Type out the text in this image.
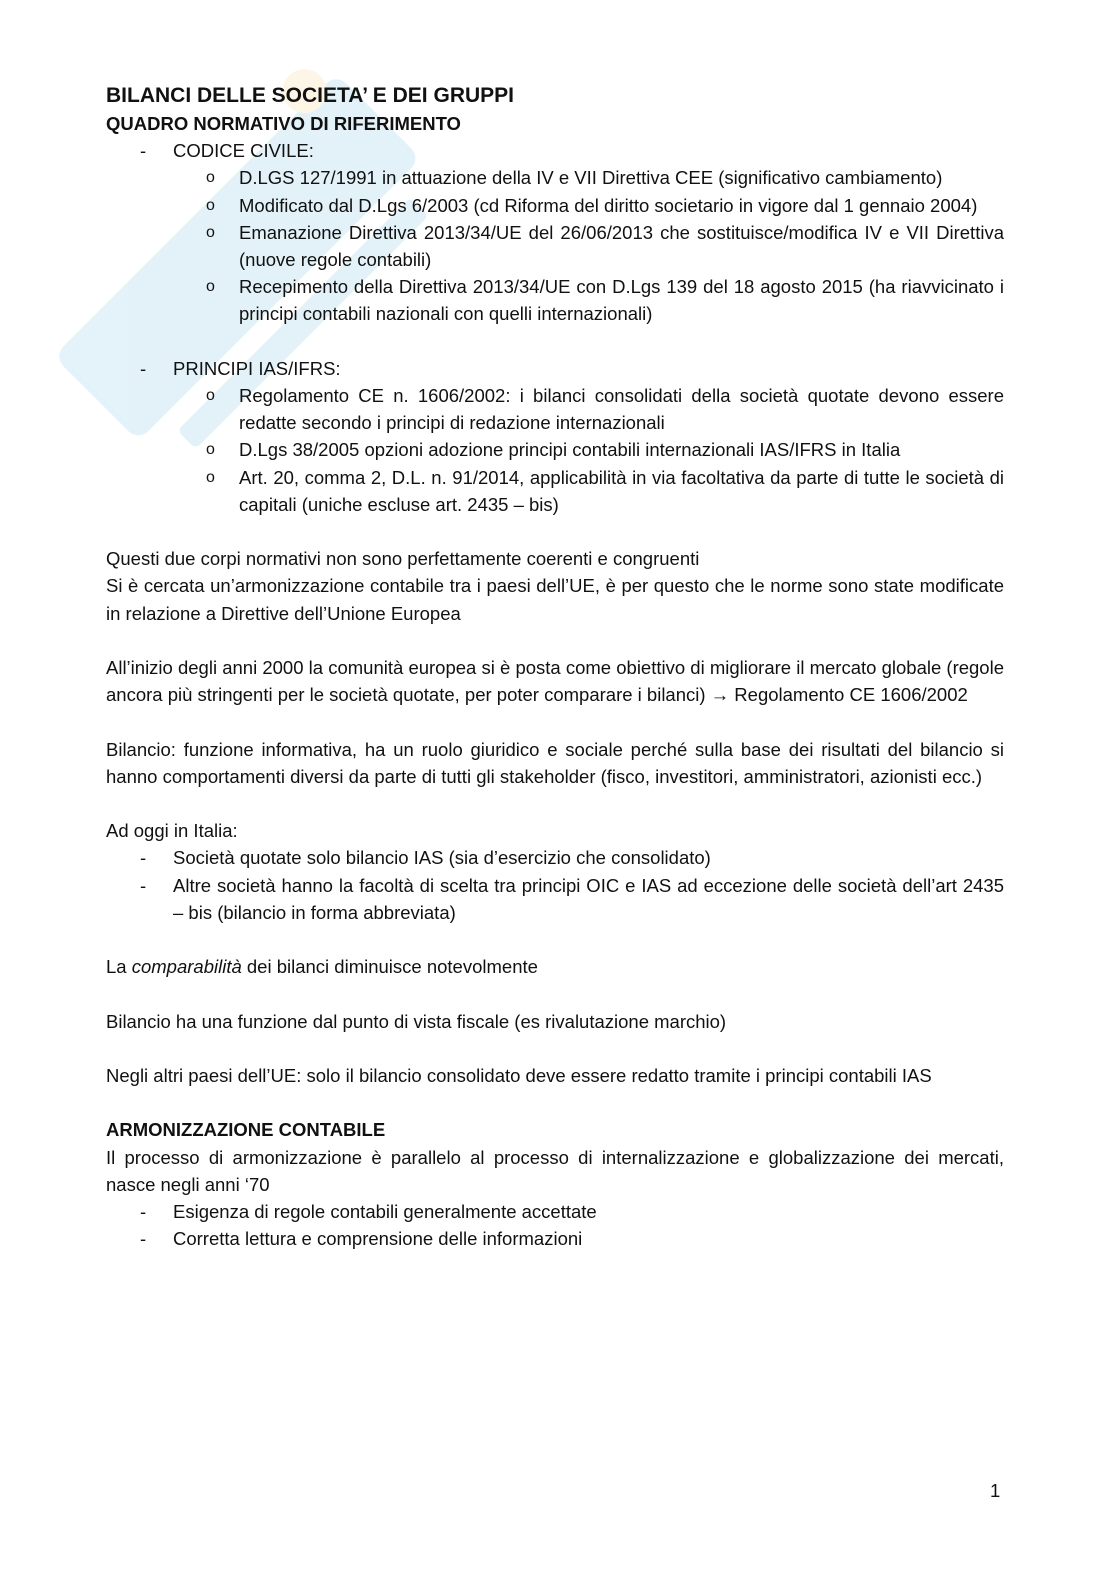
BILANCI DELLE SOCIETA’ E DEI GRUPPI
QUADRO NORMATIVO DI RIFERIMENTO
- CODICE CIVILE:
o D.LGS 127/1991 in attuazione della IV e VII Direttiva CEE (significativo cambiamento)
o Modificato dal D.Lgs 6/2003 (cd Riforma del diritto societario in vigore dal 1 gennaio 2004)
o Emanazione Direttiva 2013/34/UE del 26/06/2013 che sostituisce/modifica IV e VII Direttiva (nuove regole contabili)
o Recepimento della Direttiva 2013/34/UE con D.Lgs 139 del 18 agosto 2015 (ha riavvicinato i principi contabili nazionali con quelli internazionali)
- PRINCIPI IAS/IFRS:
o Regolamento CE n. 1606/2002: i bilanci consolidati della società quotate devono essere redatte secondo i principi di redazione internazionali
o D.Lgs 38/2005 opzioni adozione principi contabili internazionali IAS/IFRS in Italia
o Art. 20, comma 2, D.L. n. 91/2014, applicabilità in via facoltativa da parte di tutte le società di capitali (uniche escluse art. 2435 – bis)

Questi due corpi normativi non sono perfettamente coerenti e congruenti

Si è cercata un’armonizzazione contabile tra i paesi dell’UE, è per questo che le norme sono state modificate in relazione a Direttive dell’Unione Europea

All’inizio degli anni 2000 la comunità europea si è posta come obiettivo di migliorare il mercato globale (regole ancora più stringenti per le società quotate, per poter comparare i bilanci) → Regolamento CE 1606/2002

Bilancio: funzione informativa, ha un ruolo giuridico e sociale perché sulla base dei risultati del bilancio si hanno comportamenti diversi da parte di tutti gli stakeholder (fisco, investitori, amministratori, azionisti ecc.)

Ad oggi in Italia:

- Società quotate solo bilancio IAS (sia d’esercizio che consolidato)
- Altre società hanno la facoltà di scelta tra principi OIC e IAS ad eccezione delle società dell’art 2435 – bis (bilancio in forma abbreviata)

La comparabilità dei bilanci diminuisce notevolmente

Bilancio ha una funzione dal punto di vista fiscale (es rivalutazione marchio)

Negli altri paesi dell’UE: solo il bilancio consolidato deve essere redatto tramite i principi contabili IAS

ARMONIZZAZIONE CONTABILE

Il processo di armonizzazione è parallelo al processo di internalizzazione e globalizzazione dei mercati, nasce negli anni ‘70

- Esigenza di regole contabili generalmente accettate
- Corretta lettura e comprensione delle informazioni
1
